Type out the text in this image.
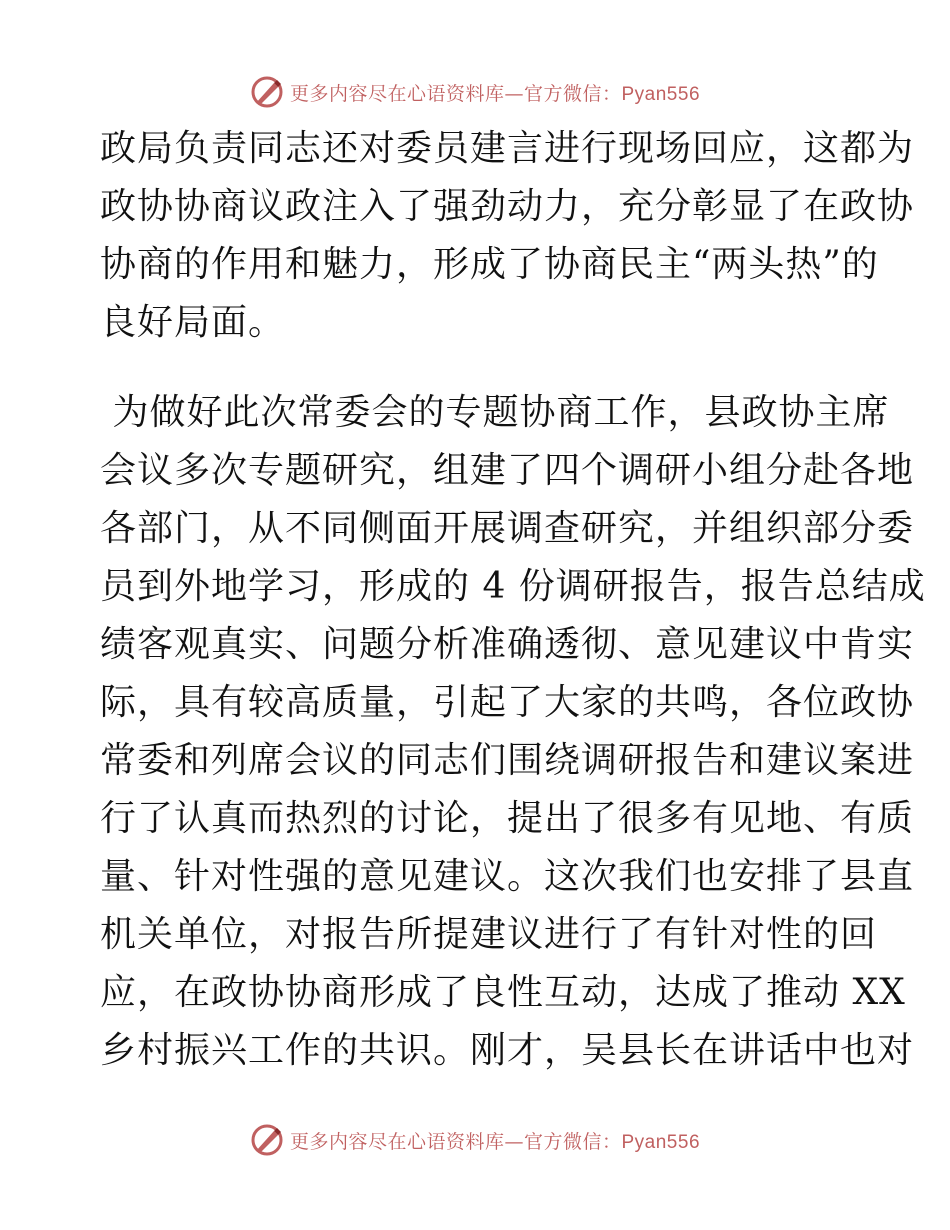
更多内容尽在心语资料库—官方微信：Pyan556
政局负责同志还对委员建言进行现场回应，这都为
政协协商议政注入了强劲动力，充分彰显了在政协
协商的作用和魅力，形成了协商民主“两头热”的
良好局面。
为做好此次常委会的专题协商工作，县政协主席
会议多次专题研究，组建了四个调研小组分赴各地
各部门，从不同侧面开展调查研究，并组织部分委
员到外地学习，形成的 4 份调研报告，报告总结成
绩客观真实、问题分析准确透彻、意见建议中肯实
际，具有较高质量，引起了大家的共鸣，各位政协
常委和列席会议的同志们围绕调研报告和建议案进
行了认真而热烈的讨论，提出了很多有见地、有质
量、针对性强的意见建议。这次我们也安排了县直
机关单位，对报告所提建议进行了有针对性的回
应，在政协协商形成了良性互动，达成了推动 XX
乡村振兴工作的共识。刚才，吴县长在讲话中也对
更多内容尽在心语资料库—官方微信：Pyan556
